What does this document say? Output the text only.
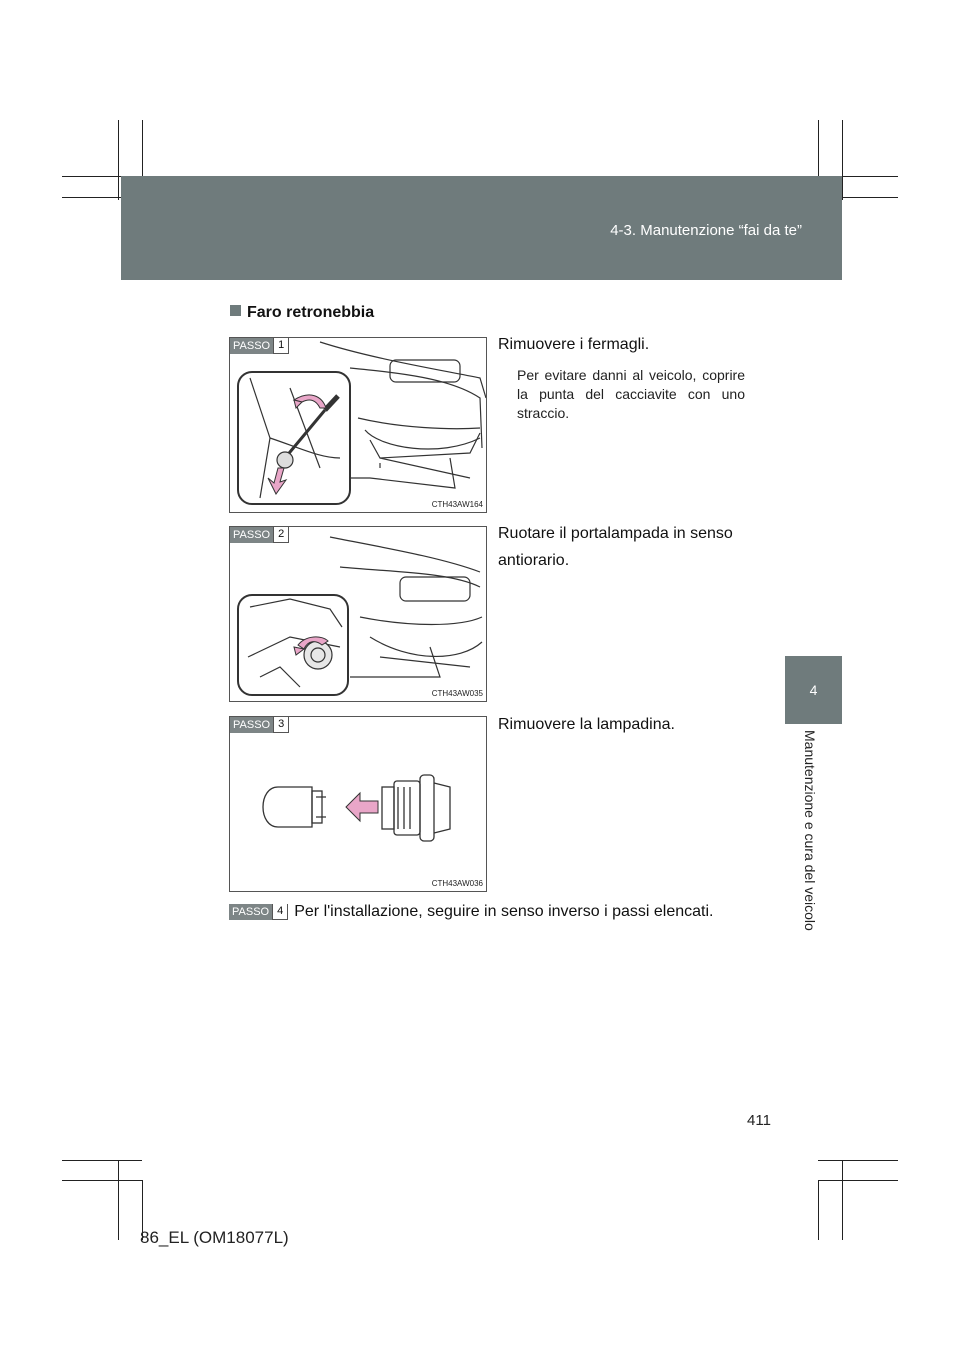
4-3. Manutenzione “fai da te”
4
Manutenzione e cura del veicolo
Faro retronebbia
PASSO 1
CTH43AW164
Rimuovere i fermagli.
Per evitare danni al veicolo, coprire la punta del cacciavite con uno straccio.
PASSO 2
CTH43AW035
Ruotare il portalampada in senso antiorario.
PASSO 3
CTH43AW036
Rimuovere la lampadina.
PASSO 4 Per l'installazione, seguire in senso inverso i passi elencati.
411
86_EL (OM18077L)
